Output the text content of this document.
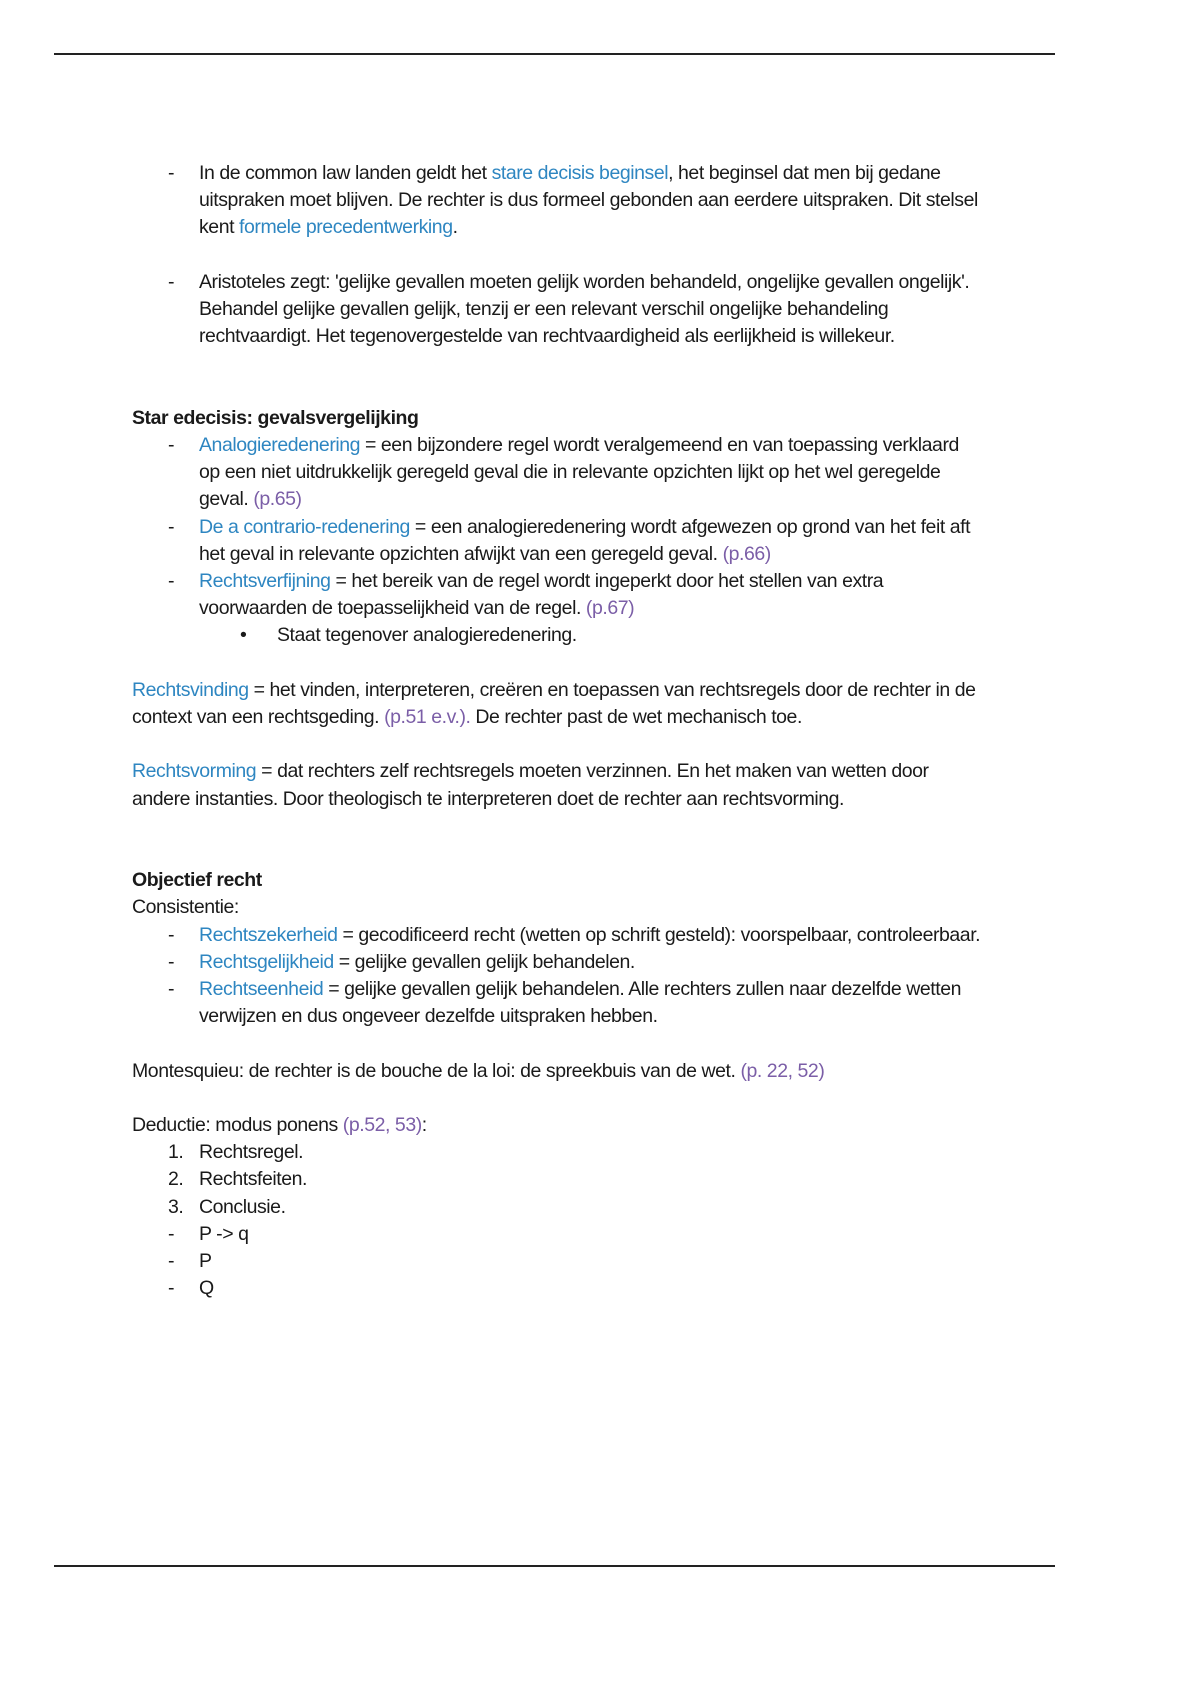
- In de common law landen geldt het stare decisis beginsel, het beginsel dat men bij gedane uitspraken moet blijven. De rechter is dus formeel gebonden aan eerdere uitspraken. Dit stelsel kent formele precedentwerking.
- Aristoteles zegt: 'gelijke gevallen moeten gelijk worden behandeld, ongelijke gevallen ongelijk'. Behandel gelijke gevallen gelijk, tenzij er een relevant verschil ongelijke behandeling rechtvaardigt. Het tegenovergestelde van rechtvaardigheid als eerlijkheid is willekeur.

Star edecisis: gevalsvergelijking

- Analogieredenering = een bijzondere regel wordt veralgemeend en van toepassing verklaard op een niet uitdrukkelijk geregeld geval die in relevante opzichten lijkt op het wel geregelde geval. (p.65)
- De a contrario-redenering = een analogieredenering wordt afgewezen op grond van het feit aft het geval in relevante opzichten afwijkt van een geregeld geval. (p.66)
- Rechtsverfijning = het bereik van de regel wordt ingeperkt door het stellen van extra voorwaarden de toepasselijkheid van de regel. (p.67)
• Staat tegenover analogieredenering.

Rechtsvinding = het vinden, interpreteren, creëren en toepassen van rechtsregels door de rechter in de context van een rechtsgeding. (p.51 e.v.). De rechter past de wet mechanisch toe.

Rechtsvorming = dat rechters zelf rechtsregels moeten verzinnen. En het maken van wetten door andere instanties. Door theologisch te interpreteren doet de rechter aan rechtsvorming.

Objectief recht

Consistentie:

- Rechtszekerheid = gecodificeerd recht (wetten op schrift gesteld): voorspelbaar, controleerbaar.
- Rechtsgelijkheid = gelijke gevallen gelijk behandelen.
- Rechtseenheid = gelijke gevallen gelijk behandelen. Alle rechters zullen naar dezelfde wetten verwijzen en dus ongeveer dezelfde uitspraken hebben.

Montesquieu: de rechter is de bouche de la loi: de spreekbuis van de wet. (p. 22, 52)

Deductie: modus ponens (p.52, 53):

1. Rechtsregel.
2. Rechtsfeiten.
3. Conclusie.
- P -> q
- P
- Q
